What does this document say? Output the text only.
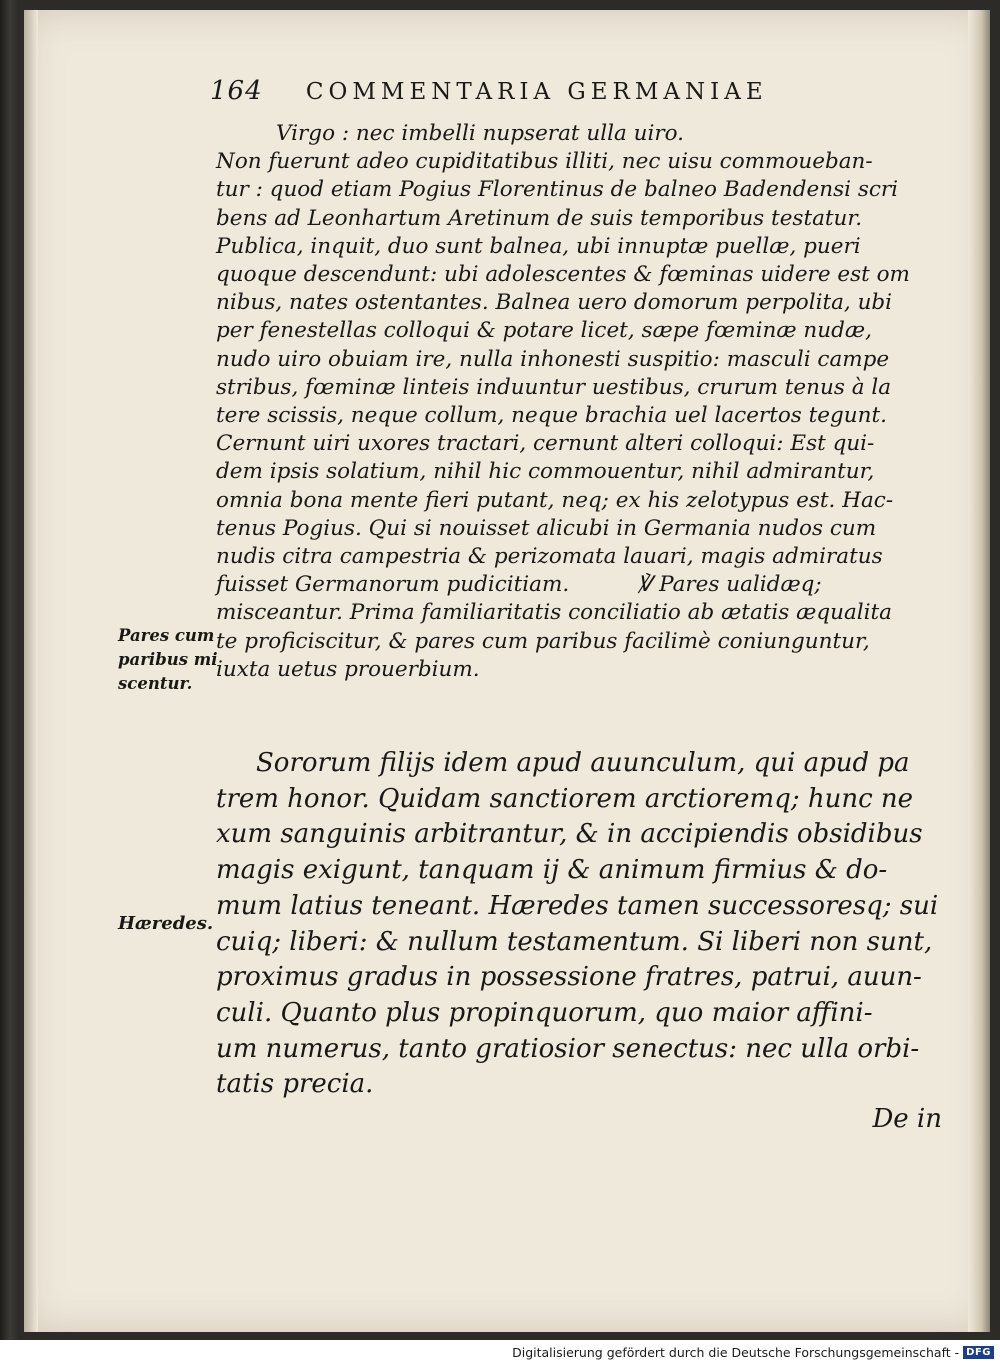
164 COMMENTARIA GERMANIAE
Virgo : nec imbelli nupserat ulla uiro.
Non fuerunt adeo cupiditatibus illiti, nec uisu commoueban-
tur : quod etiam Pogius Florentinus de balneo Badendensi scri
bens ad Leonhartum Aretinum de suis temporibus testatur.
Publica, inquit, duo sunt balnea, ubi innuptæ puellæ, pueri
quoque descendunt: ubi adolescentes & fœminas uidere est om
nibus, nates ostentantes. Balnea uero domorum perpolita, ubi
per fenestellas colloqui & potare licet, sæpe fœminæ nudæ,
nudo uiro obuiam ire, nulla inhonesti suspitio: masculi campe
stribus, fœminæ linteis induuntur uestibus, crurum tenus à la
tere scissis, neque collum, neque brachia uel lacertos tegunt.
Cernunt uiri uxores tractari, cernunt alteri colloqui: Est qui-
dem ipsis solatium, nihil hic commouentur, nihil admirantur,
omnia bona mente fieri putant, neq; ex his zelotypus est. Hac-
tenus Pogius. Qui si nouisset alicubi in Germania nudos cum
nudis citra campestria & perizomata lauari, magis admiratus
fuisset Germanorum pudicitiam.          ℣ Pares ualidæq;
misceantur. Prima familiaritatis conciliatio ab ætatis æqualita
te proficiscitur, & pares cum paribus facilimè coniunguntur,
iuxta uetus prouerbium.
Pares cum
paribus mi
scentur.
Sororum filijs idem apud auunculum, qui apud pa
trem honor. Quidam sanctiorem arctioremq; hunc ne
xum sanguinis arbitrantur, & in accipiendis obsidibus
magis exigunt, tanquam ij & animum firmius & do-
mum latius teneant. Hæredes tamen successoresq; sui
cuiq; liberi: & nullum testamentum. Si liberi non sunt,
proximus gradus in possessione fratres, patrui, auun-
culi. Quanto plus propinquorum, quo maior affini-
um numerus, tanto gratiosior senectus: nec ulla orbi-
tatis precia.
Hæredes.
De in
Digitalisierung gefördert durch die Deutsche Forschungsgemeinschaft - DFG
